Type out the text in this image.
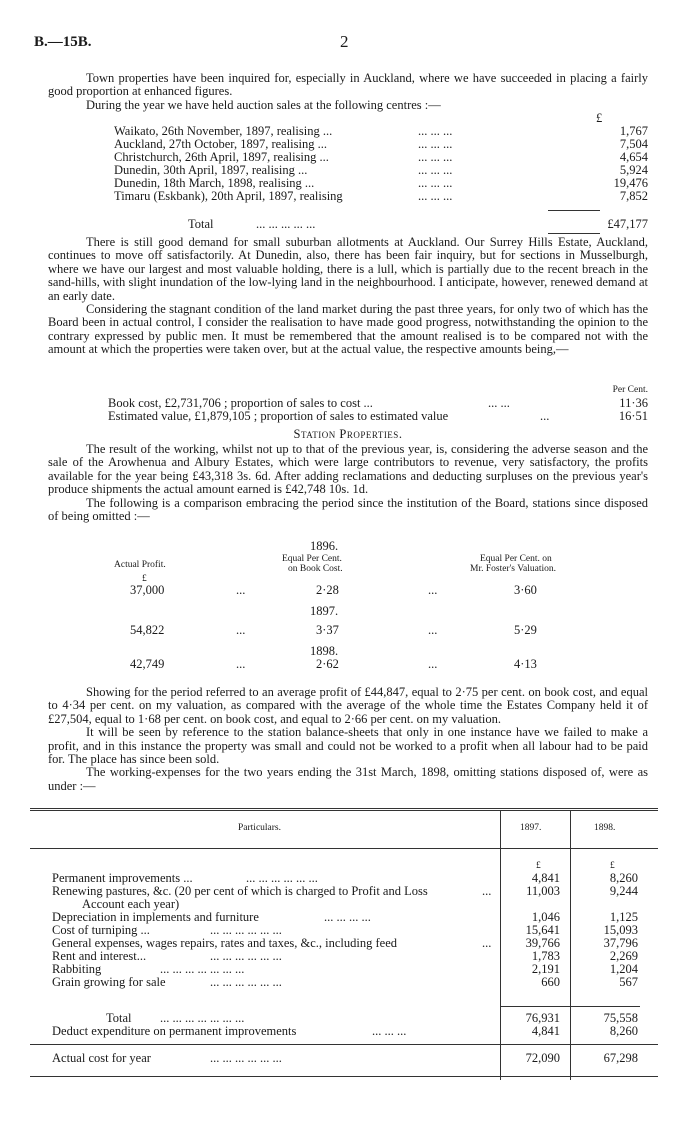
B.—15B.	2

Town properties have been inquired for, especially in Auckland, where we have succeeded in placing a fairly good proportion at enhanced figures.

During the year we have held auction sales at the following centres :—

£
Waikato, 26th November, 1897, realising ...	... ... ...	1,767
Auckland, 27th October, 1897, realising ...	... ... ...	7,504
Christchurch, 26th April, 1897, realising ...	... ... ...	4,654
Dunedin, 30th April, 1897, realising ...	... ... ...	5,924
Dunedin, 18th March, 1898, realising ...	... ... ...	19,476
Timaru (Eskbank), 20th April, 1897, realising	... ... ...	7,852
Total	... ... ... ... ...	£47,177

There is still good demand for small suburban allotments at Auckland. Our Surrey Hills Estate, Auckland, continues to move off satisfactorily. At Dunedin, also, there has been fair inquiry, but for sections in Musselburgh, where we have our largest and most valuable holding, there is a lull, which is partially due to the recent breach in the sand-hills, with slight inundation of the low-lying land in the neighbourhood. I anticipate, however, renewed demand at an early date.

Considering the stagnant condition of the land market during the past three years, for only two of which has the Board been in actual control, I consider the realisation to have made good progress, notwithstanding the opinion to the contrary expressed by public men. It must be remembered that the amount realised is to be compared not with the amount at which the properties were taken over, but at the actual value, the respective amounts being,—

Per Cent.
Book cost, £2,731,706 ; proportion of sales to cost ...	... ...	11·36
Estimated value, £1,879,105 ; proportion of sales to estimated value	...	16·51
Station Properties.

The result of the working, whilst not up to that of the previous year, is, considering the adverse season and the sale of the Arowhenua and Albury Estates, which were large contributors to revenue, very satisfactory, the profits available for the year being £43,318 3s. 6d. After adding reclamations and deducting surpluses on the previous year's produce shipments the actual amount earned is £42,748 10s. 1d.

The following is a comparison embracing the period since the institution of the Board, stations since disposed of being omitted :—

1896.
Equal Per Cent.	Equal Per Cent. on
Actual Profit.	on Book Cost.	Mr. Foster's Valuation.
£
37,000	...	2·28	...	3·60
1897.
54,822	...	3·37	...	5·29
1898.
42,749	...	2·62	...	4·13

Showing for the period referred to an average profit of £44,847, equal to 2·75 per cent. on book cost, and equal to 4·34 per cent. on my valuation, as compared with the average of the whole time the Estates Company held it of £27,504, equal to 1·68 per cent. on book cost, and equal to 2·66 per cent. on my valuation.

It will be seen by reference to the station balance-sheets that only in one instance have we failed to make a profit, and in this instance the property was small and could not be worked to a profit when all labour had to be paid for. The place has since been sold.

The working-expenses for the two years ending the 31st March, 1898, omitting stations disposed of, were as under :—

Particulars.	1897.	1898.
£	£
Permanent improvements ...	... ... ... ... ... ...	4,841	8,260
Renewing pastures, &c. (20 per cent of which is charged to Profit and Loss	...	11,003	9,244
Account each year)
Depreciation in implements and furniture	... ... ... ...	1,046	1,125
Cost of turniping ...	... ... ... ... ... ...	15,641	15,093
General expenses, wages repairs, rates and taxes, &c., including feed	...	39,766	37,796
Rent and interest...	... ... ... ... ... ...	1,783	2,269
Rabbiting	... ... ... ... ... ... ...	2,191	1,204
Grain growing for sale	... ... ... ... ... ...	660	567
Total ... ... ... ... ... ... ...	76,931	75,558
Deduct expenditure on permanent improvements	... ... ...	4,841	8,260
Actual cost for year	... ... ... ... ... ...	72,090	67,298
